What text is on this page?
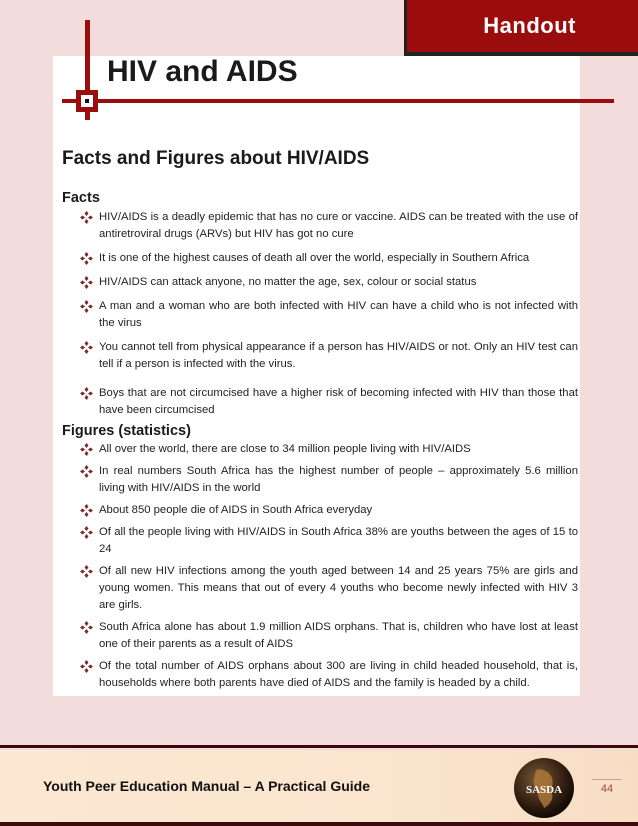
Handout
HIV and AIDS
Facts and Figures about HIV/AIDS
Facts
HIV/AIDS is a deadly epidemic that has no cure or vaccine. AIDS can be treated with the use of antiretroviral drugs (ARVs) but HIV has got no cure
It is one of the highest causes of death all over the world, especially in Southern Africa
HIV/AIDS can attack anyone, no matter the age, sex, colour or social status
A man and a woman who are both infected with HIV can have a child who is not infected with the virus
You cannot tell from physical appearance if a person has HIV/AIDS or not. Only an HIV test can tell if a person is infected with the virus.
Boys that are not circumcised have a higher risk of becoming infected with HIV than those that have been circumcised
Figures (statistics)
All over the world, there are close to 34 million people living with HIV/AIDS
In real numbers South Africa has the highest number of people – approximately 5.6 million living with HIV/AIDS in the world
About 850 people die of AIDS in South Africa everyday
Of all the people living with HIV/AIDS in South Africa 38% are youths between the ages of 15 to 24
Of all new HIV infections among the youth aged between 14 and 25 years 75% are girls and young women. This means that out of every 4 youths who become newly infected with HIV 3 are girls.
South Africa alone has about 1.9 million AIDS orphans. That is, children who have lost at least one of their parents as a result of AIDS
Of the total number of AIDS orphans about 300 are living in child headed household, that is, households where both parents have died of AIDS and the family is headed by a child.
Youth Peer Education Manual – A Practical Guide	SASDA	44
